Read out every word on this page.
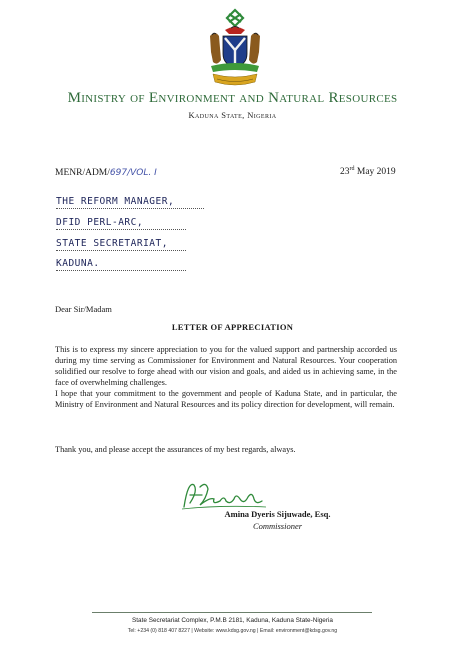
Ministry of Environment and Natural Resources
Kaduna State, Nigeria
MENR/ADM/697/VOL. I	23rd May 2019
THE REFORM MANAGER,
DFID PERL-ARC,
STATE SECRETARIAT,
KADUNA.
Dear Sir/Madam
LETTER OF APPRECIATION
This is to express my sincere appreciation to you for the valued support and partnership accorded us during my time serving as Commissioner for Environment and Natural Resources. Your cooperation solidified our resolve to forge ahead with our vision and goals, and aided us in achieving same, in the face of overwhelming challenges.
I hope that your commitment to the government and people of Kaduna State, and in particular, the Ministry of Environment and Natural Resources and its policy direction for development, will remain.
Thank you, and please accept the assurances of my best regards, always.
Amina Dyeris Sijuwade, Esq.
Commissioner
State Secretariat Complex, P.M.B 2181, Kaduna, Kaduna State-Nigeria
Tel: +234 (0) 818 407 8227 | Website: www.kdsg.gov.ng | Email: environment@kdsg.gov.ng
